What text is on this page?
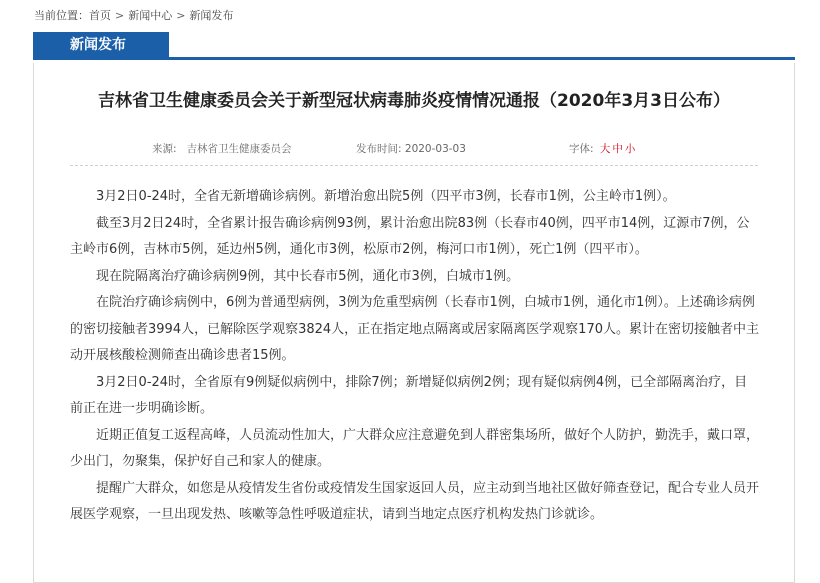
当前位置：首页 > 新闻中心 > 新闻发布
新闻发布
吉林省卫生健康委员会关于新型冠状病毒肺炎疫情情况通报（2020年3月3日公布）
来源: 吉林省卫生健康委员会	发布时间: 2020-03-03	字体: 大 中 小

3月2日0-24时，全省无新增确诊病例。新增治愈出院5例（四平市3例，长春市1例，公主岭市1例）。

截至3月2日24时，全省累计报告确诊病例93例，累计治愈出院83例（长春市40例，四平市14例，辽源市7例，公主岭市6例，吉林市5例，延边州5例，通化市3例，松原市2例，梅河口市1例），死亡1例（四平市）。

现在院隔离治疗确诊病例9例，其中长春市5例，通化市3例，白城市1例。

在院治疗确诊病例中，6例为普通型病例，3例为危重型病例（长春市1例，白城市1例，通化市1例）。上述确诊病例的密切接触者3994人，已解除医学观察3824人，正在指定地点隔离或居家隔离医学观察170人。累计在密切接触者中主动开展核酸检测筛查出确诊患者15例。

3月2日0-24时，全省原有9例疑似病例中，排除7例；新增疑似病例2例；现有疑似病例4例，已全部隔离治疗，目前正在进一步明确诊断。

近期正值复工返程高峰，人员流动性加大，广大群众应注意避免到人群密集场所，做好个人防护，勤洗手，戴口罩，少出门，勿聚集，保护好自己和家人的健康。

提醒广大群众，如您是从疫情发生省份或疫情发生国家返回人员，应主动到当地社区做好筛查登记，配合专业人员开展医学观察，一旦出现发热、咳嗽等急性呼吸道症状，请到当地定点医疗机构发热门诊就诊。
